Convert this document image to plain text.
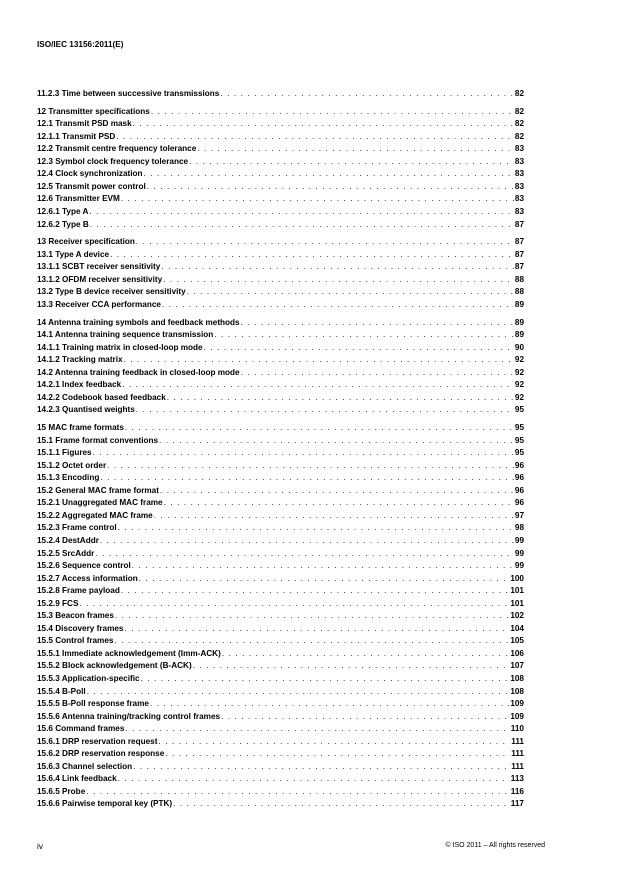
ISO/IEC 13156:2011(E)
11.2.3 Time between successive transmissions . . .	82
12 Transmitter specifications . . .	82
12.1 Transmit PSD mask . . .	82
12.1.1 Transmit PSD . . .	82
12.2 Transmit centre frequency tolerance . . .	83
12.3 Symbol clock frequency tolerance . . .	83
12.4 Clock synchronization . . .	83
12.5 Transmit power control . . .	83
12.6 Transmitter EVM . . .	83
12.6.1 Type A . . .	83
12.6.2 Type B . . .	87
13 Receiver specification . . .	87
13.1 Type A device . . .	87
13.1.1 SCBT receiver sensitivity . . .	87
13.1.2 OFDM receiver sensitivity . . .	88
13.2 Type B device receiver sensitivity . . .	88
13.3 Receiver CCA performance . . .	89
14 Antenna training symbols and feedback methods . . .	89
14.1 Antenna training sequence transmission . . .	89
14.1.1 Training matrix in closed-loop mode . . .	90
14.1.2 Tracking matrix . . .	92
14.2 Antenna training feedback in closed-loop mode . . .	92
14.2.1 Index feedback . . .	92
14.2.2 Codebook based feedback . . .	92
14.2.3 Quantised weights . . .	95
15 MAC frame formats . . .	95
15.1 Frame format conventions . . .	95
15.1.1 Figures . . .	95
15.1.2 Octet order . . .	96
15.1.3 Encoding . . .	96
15.2 General MAC frame format . . .	96
15.2.1 Unaggregated MAC frame . . .	96
15.2.2 Aggregated MAC frame . . .	97
15.2.3 Frame control . . .	98
15.2.4 DestAddr . . .	99
15.2.5 SrcAddr . . .	99
15.2.6 Sequence control . . .	99
15.2.7 Access information . . .	100
15.2.8 Frame payload . . .	101
15.2.9 FCS . . .	101
15.3 Beacon frames . . .	102
15.4 Discovery frames . . .	104
15.5 Control frames . . .	105
15.5.1 Immediate acknowledgement (Imm-ACK) . . .	106
15.5.2 Block acknowledgement (B-ACK) . . .	107
15.5.3 Application-specific . . .	108
15.5.4 B-Poll . . .	108
15.5.5 B-Poll response frame . . .	109
15.5.6 Antenna training/tracking control frames . . .	109
15.6 Command frames . . .	110
15.6.1 DRP reservation request . . .	111
15.6.2 DRP reservation response . . .	111
15.6.3 Channel selection . . .	111
15.6.4 Link feedback . . .	113
15.6.5 Probe . . .	116
15.6.6 Pairwise temporal key (PTK) . . .	117
iv	© ISO 2011 – All rights reserved
